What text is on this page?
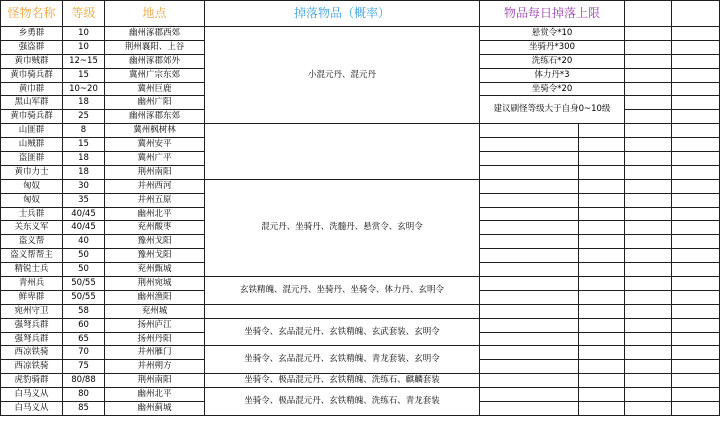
怪物名称	等级	地点	掉落物品（概率）	物品每日掉落上限			
乡勇群	10	幽州涿郡西郊	小混元丹、混元丹	悬赏令*10			
强盗群	10	荆州襄阳、上谷		坐骑丹*300			
黄巾贼群	12~15	幽州涿郡郊外		洗练石*20			
黄巾骑兵群	15	冀州广宗东郊		体力丹*3			
黄巾群	10~20	冀州巨鹿		坐骑令*20			
黑山军群	18	幽州广阳		建议刷怪等级大于自身0~10级			
黄巾骑兵群	25	幽州涿郡东郊					
山匪群	8	冀州枫树林					
山贼群	15	冀州安平					
盗匪群	18	冀州广平					
黄巾力士	18	荆州南阳					
匈奴	30	并州西河	混元丹、坐骑丹、洗髓丹、悬赏令、玄明令				
匈奴	35	并州五原					
士兵群	40/45	幽州北平					
关东义军	40/45	兖州酸枣					
盗义帮	40	豫州戈阳					
盗义帮帮主	50	豫州戈阳					
精锐士兵	50	兖州甄城					
青州兵	50/55	荆州宛城	玄铁精魄、混元丹、坐骑丹、坐骑令、体力丹、玄明令				
鲜卑群	50/55	幽州渔阳					
宛州守卫	58	兖州城					
强弩兵群	60	扬州庐江	坐骑令、玄品混元丹、玄铁精魄、玄武套装、玄明令				
强弩兵群	65	扬州丹阳					
西凉铁骑	70	并州雁门	坐骑令、玄品混元丹、玄铁精魄、青龙套装、玄明令				
西凉铁骑	75	并州朔方					
虎豹骑群	80/88	荆州南阳	坐骑令、极品混元丹、玄铁精魄、洗练石、麒麟套装				
白马义从	80	幽州北平	坐骑令、极品混元丹、玄铁精魄、洗练石、青龙套装				
白马义从	85	幽州蓟城					
